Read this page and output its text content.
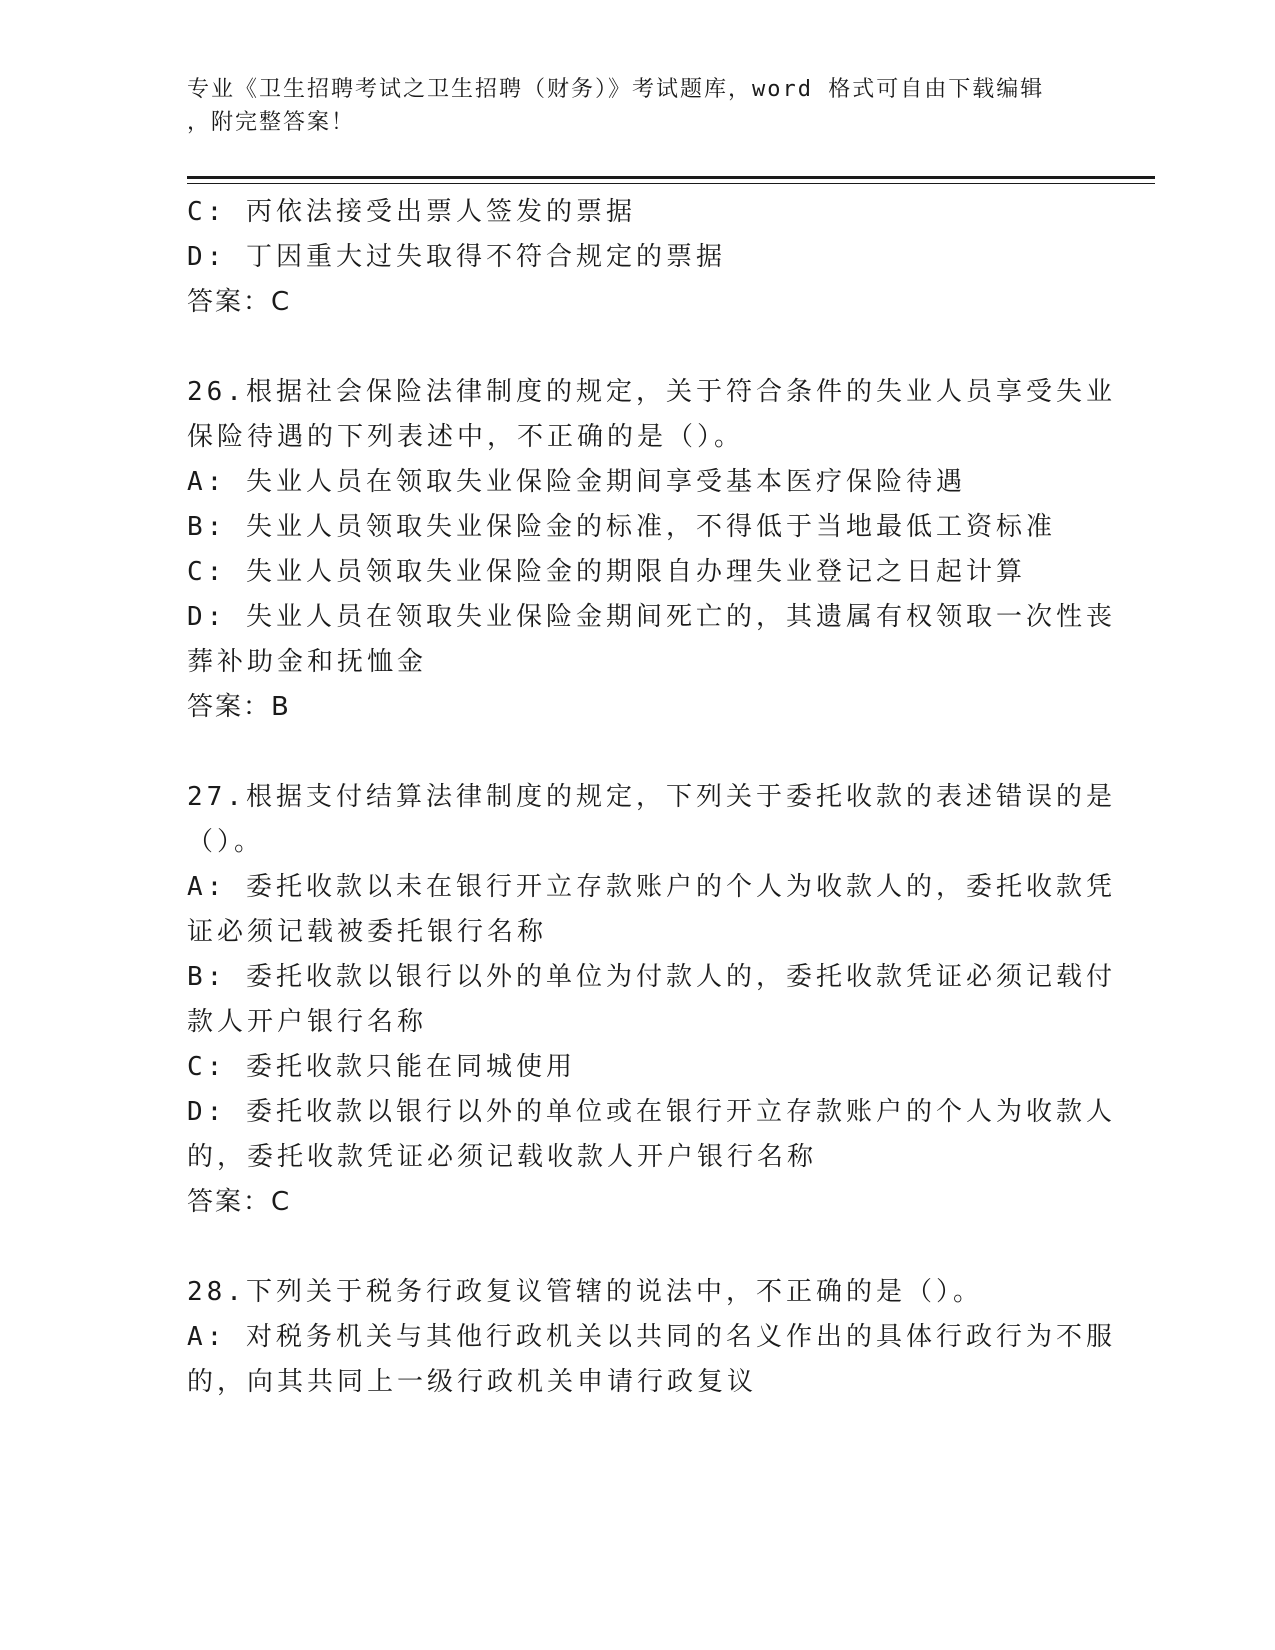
专业《卫生招聘考试之卫生招聘（财务）》考试题库，word 格式可自由下载编辑
，附完整答案！
C: 丙依法接受出票人签发的票据
D: 丁因重大过失取得不符合规定的票据
答案：C
26.根据社会保险法律制度的规定，关于符合条件的失业人员享受失业
保险待遇的下列表述中，不正确的是（）。
A: 失业人员在领取失业保险金期间享受基本医疗保险待遇
B: 失业人员领取失业保险金的标准，不得低于当地最低工资标准
C: 失业人员领取失业保险金的期限自办理失业登记之日起计算
D: 失业人员在领取失业保险金期间死亡的，其遗属有权领取一次性丧
葬补助金和抚恤金
答案：B
27.根据支付结算法律制度的规定，下列关于委托收款的表述错误的是
（）。
A: 委托收款以未在银行开立存款账户的个人为收款人的，委托收款凭
证必须记载被委托银行名称
B: 委托收款以银行以外的单位为付款人的，委托收款凭证必须记载付
款人开户银行名称
C: 委托收款只能在同城使用
D: 委托收款以银行以外的单位或在银行开立存款账户的个人为收款人
的，委托收款凭证必须记载收款人开户银行名称
答案：C
28.下列关于税务行政复议管辖的说法中，不正确的是（）。
A: 对税务机关与其他行政机关以共同的名义作出的具体行政行为不服
的，向其共同上一级行政机关申请行政复议
